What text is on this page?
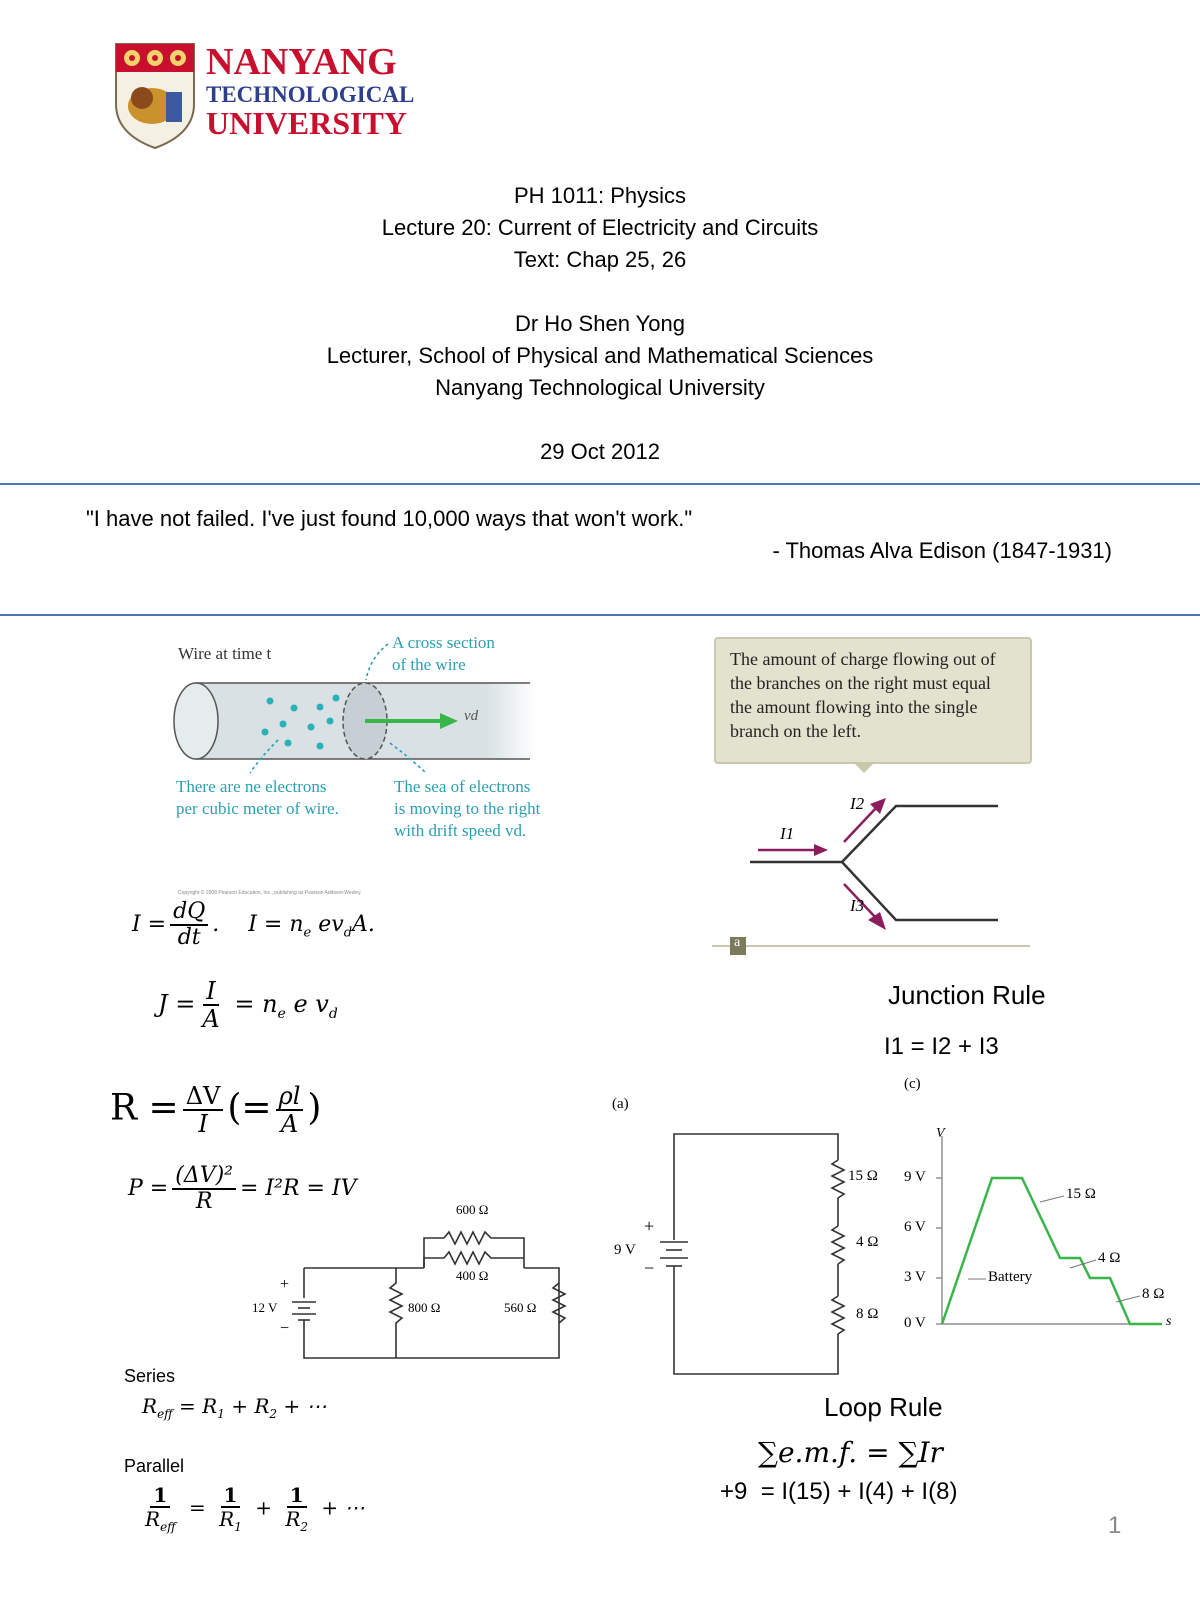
NANYANG
TECHNOLOGICAL
UNIVERSITY
PH 1011: Physics
Lecture 20: Current of Electricity and Circuits
Text: Chap 25, 26
Dr Ho Shen Yong
Lecturer, School of Physical and Mathematical Sciences
Nanyang Technological University
29 Oct 2012
"I have not failed. I've just found 10,000 ways that won't work."
- Thomas Alva Edison (1847-1931)
Wire at time t
A cross section
of the wire
vd
There are ne electrons
per cubic meter of wire.
The sea of electrons
is moving to the right
with drift speed vd.
Copyright © 2008 Pearson Education, Inc., publishing as Pearson Addison-Wesley.
$I = \frac{dQ}{dt}$ . $I = n_e$ $ev_dA$.
$J = \frac{I}{A} = n_e$ e $v_d$
$R = \frac{\Delta V}{I}$ (= $\frac{\rho l}{A}$ )
$P = \frac{\text{(ΔV)²}}{R} = I^2R$ = IV
600 Ω
400 Ω
800 Ω	560 Ω
12 V
+
−
Series
$R_{eff} = R_1 + R_2$ + ⋯
Parallel
$\frac{1}{R_{eff}} = \frac{1}{R_1} + \frac{1}{R_2}$ + ⋯
The amount of charge flowing out of the branches on the right must equal the amount flowing into the single branch on the left.
I1
I2
I3
a
Junction Rule
I1 = I2 + I3
(c)
(a)
9 V
+
−
15 Ω
4 Ω
8 Ω
V
s
9 V
6 V
3 V
0 V
Battery
15 Ω
4 Ω
8 Ω
Loop Rule
∑e.m.f. = ∑Ir
+9  = I(15) + I(4) + I(8)
1
